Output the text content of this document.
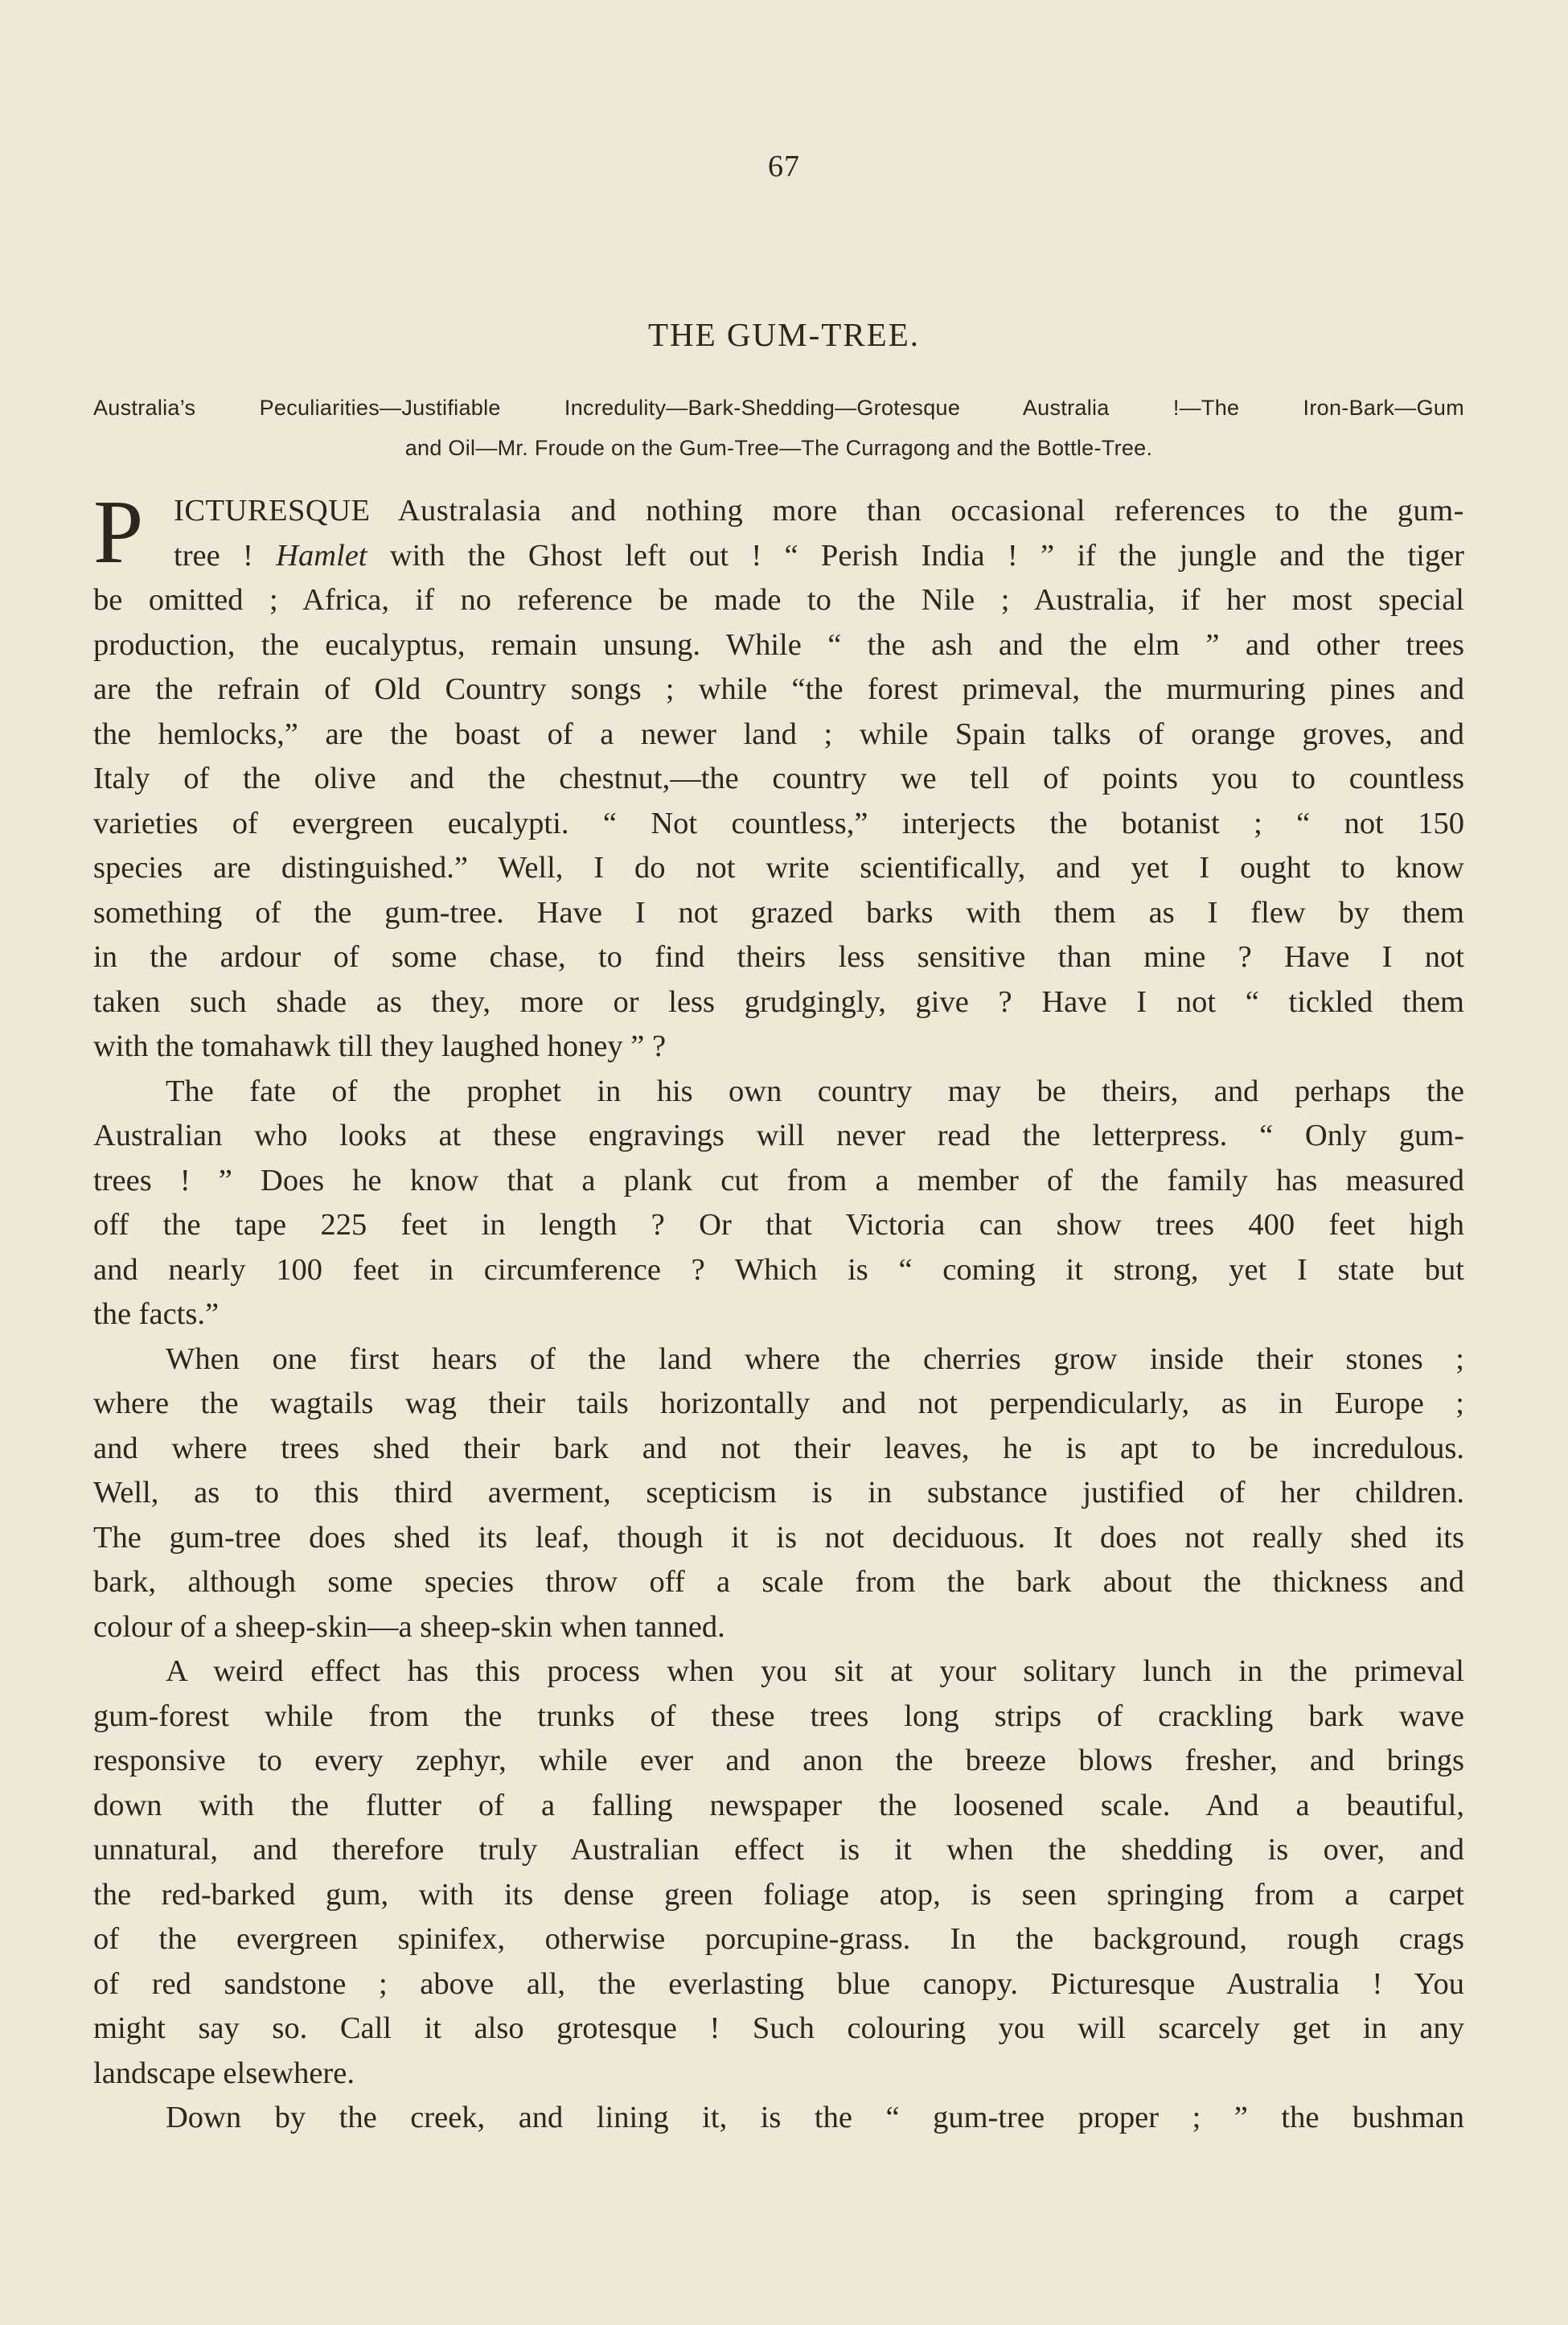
67
THE GUM-TREE.
Australia’s Peculiarities—Justifiable Incredulity—Bark-Shedding—Grotesque Australia !—The Iron-Bark—Gum
and Oil—Mr. Froude on the Gum-Tree—The Curragong and the Bottle-Tree.
P ICTURESQUE Australasia and nothing more than occasional references to the gum-
tree ! Hamlet with the Ghost left out ! “ Perish India ! ” if the jungle and the tiger
be omitted ; Africa, if no reference be made to the Nile ; Australia, if her most special
production, the eucalyptus, remain unsung. While “ the ash and the elm ” and other trees
are the refrain of Old Country songs ; while “the forest primeval, the murmuring pines and
the hemlocks,” are the boast of a newer land ; while Spain talks of orange groves, and
Italy of the olive and the chestnut,—the country we tell of points you to countless
varieties of evergreen eucalypti. “ Not countless,” interjects the botanist ; “ not 150
species are distinguished.” Well, I do not write scientifically, and yet I ought to know
something of the gum-tree. Have I not grazed barks with them as I flew by them
in the ardour of some chase, to find theirs less sensitive than mine ? Have I not
taken such shade as they, more or less grudgingly, give ? Have I not “ tickled them
with the tomahawk till they laughed honey ” ?
The fate of the prophet in his own country may be theirs, and perhaps the
Australian who looks at these engravings will never read the letterpress. “ Only gum-
trees ! ” Does he know that a plank cut from a member of the family has measured
off the tape 225 feet in length ? Or that Victoria can show trees 400 feet high
and nearly 100 feet in circumference ? Which is “ coming it strong, yet I state but
the facts.”
When one first hears of the land where the cherries grow inside their stones ;
where the wagtails wag their tails horizontally and not perpendicularly, as in Europe ;
and where trees shed their bark and not their leaves, he is apt to be incredulous.
Well, as to this third averment, scepticism is in substance justified of her children.
The gum-tree does shed its leaf, though it is not deciduous. It does not really shed its
bark, although some species throw off a scale from the bark about the thickness and
colour of a sheep-skin—a sheep-skin when tanned.
A weird effect has this process when you sit at your solitary lunch in the primeval
gum-forest while from the trunks of these trees long strips of crackling bark wave
responsive to every zephyr, while ever and anon the breeze blows fresher, and brings
down with the flutter of a falling newspaper the loosened scale. And a beautiful,
unnatural, and therefore truly Australian effect is it when the shedding is over, and
the red-barked gum, with its dense green foliage atop, is seen springing from a carpet
of the evergreen spinifex, otherwise porcupine-grass. In the background, rough crags
of red sandstone ; above all, the everlasting blue canopy. Picturesque Australia ! You
might say so. Call it also grotesque ! Such colouring you will scarcely get in any
landscape elsewhere.
Down by the creek, and lining it, is the “ gum-tree proper ; ” the bushman
